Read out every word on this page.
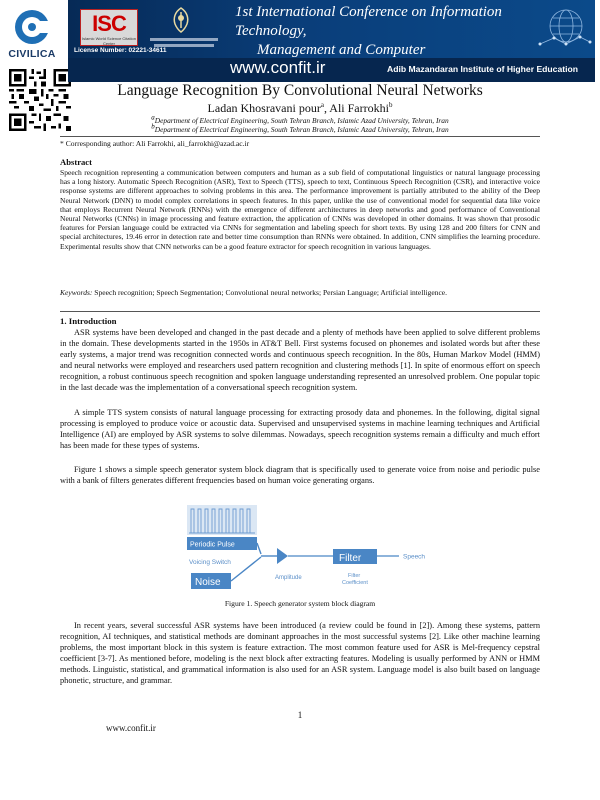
CIVILICA
ISC
Islamic World Science Citation Center
License Number: 02221-34611
1st International Conference on Information Technology,
Management and Computer
www.confit.ir	Adib Mazandaran Institute of Higher Education
Language Recognition By Convolutional Neural Networks
Ladan Khosravani pour$^a$, Ali Farrokhi$^b$
aDepartment of Electrical Engineering, South Tehran Branch, Islamic Azad University, Tehran, Iran
bDepartment of Electrical Engineering, South Tehran Branch, Islamic Azad University, Tehran, Iran
* Corresponding author: Ali Farrokhi, ali_farrokhi@azad.ac.ir
Abstract
Speech recognition representing a communication between computers and human as a sub field of computational linguistics or natural language processing has a long history. Automatic Speech Recognition (ASR), Text to Speech (TTS), speech to text, Continuous Speech Recognition (CSR), and interactive voice response systems are different approaches to solving problems in this area. The performance improvement is partially attributed to the ability of the Deep Neural Network (DNN) to model complex correlations in speech features. In this paper, unlike the use of conventional model for sequential data like voice that employs Recurrent Neural Network (RNNs) with the emergence of different architectures in deep networks and good performance of Conventional Neural Networks (CNNs) in image processing and feature extraction, the application of CNNs was developed in other domains. It was shown that prosodic features for Persian language could be extracted via CNNs for segmentation and labeling speech for short texts. By using 128 and 200 filters for CNN and special architectures, 19.46 error in detection rate and better time consumption than RNNs were obtained. In addition, CNN simplifies the learning procedure. Experimental results show that CNN networks can be a good feature extractor for speech recognition in various languages.
Keywords: Speech recognition; Speech Segmentation; Convolutional neural networks; Persian Language; Artificial intelligence.
1. Introduction
ASR systems have been developed and changed in the past decade and a plenty of methods have been applied to solve different problems in the domain. These developments started in the 1950s in AT&T Bell. First systems focused on phonemes and isolated words but after these early systems, a major trend was recognition connected words and continuous speech recognition. In the 80s, Human Markov Model (HMM) and neural networks were employed and researchers used pattern recognition and clustering methods [1]. In spite of enormous effort on speech recognition, a robust continuous speech recognition and spoken language understanding represented an unresolved problem. One popular topic in the last decade was the implementation of a conversational speech recognition system.
A simple TTS system consists of natural language processing for extracting prosody data and phonemes. In the following, digital signal processing is employed to produce voice or acoustic data. Supervised and unsupervised systems in machine learning techniques and Artificial Intelligence (AI) are employed by ASR systems to solve dilemmas. Nowadays, speech recognition systems remain a difficulty and much effort has been made for these types of systems.
Figure 1 shows a simple speech generator system block diagram that is specifically used to generate voice from noise and periodic pulse with a bank of filters generates different frequencies based on human voice generating organs.
Periodic Pulse
Voicing Switch
Noise	Amplitude
Filter
Filter
Coefficient
Speech
Figure 1. Speech generator system block diagram
In recent years, several successful ASR systems have been introduced (a review could be found in [2]). Among these systems, pattern recognition, AI techniques, and statistical methods are dominant approaches in the most successful systems [2]. Like other machine learning problems, the most important block in this system is feature extraction. The most common feature used for ASR is Mel-frequency cepstral coefficient [3-7]. As mentioned before, modeling is the next block after extracting features. Modeling is usually performed by ANN or HMM methods. Linguistic, statistical, and grammatical information is also used for an ASR system. Language model is also built based on language phonetic, structure, and grammar.
1
www.confit.ir
